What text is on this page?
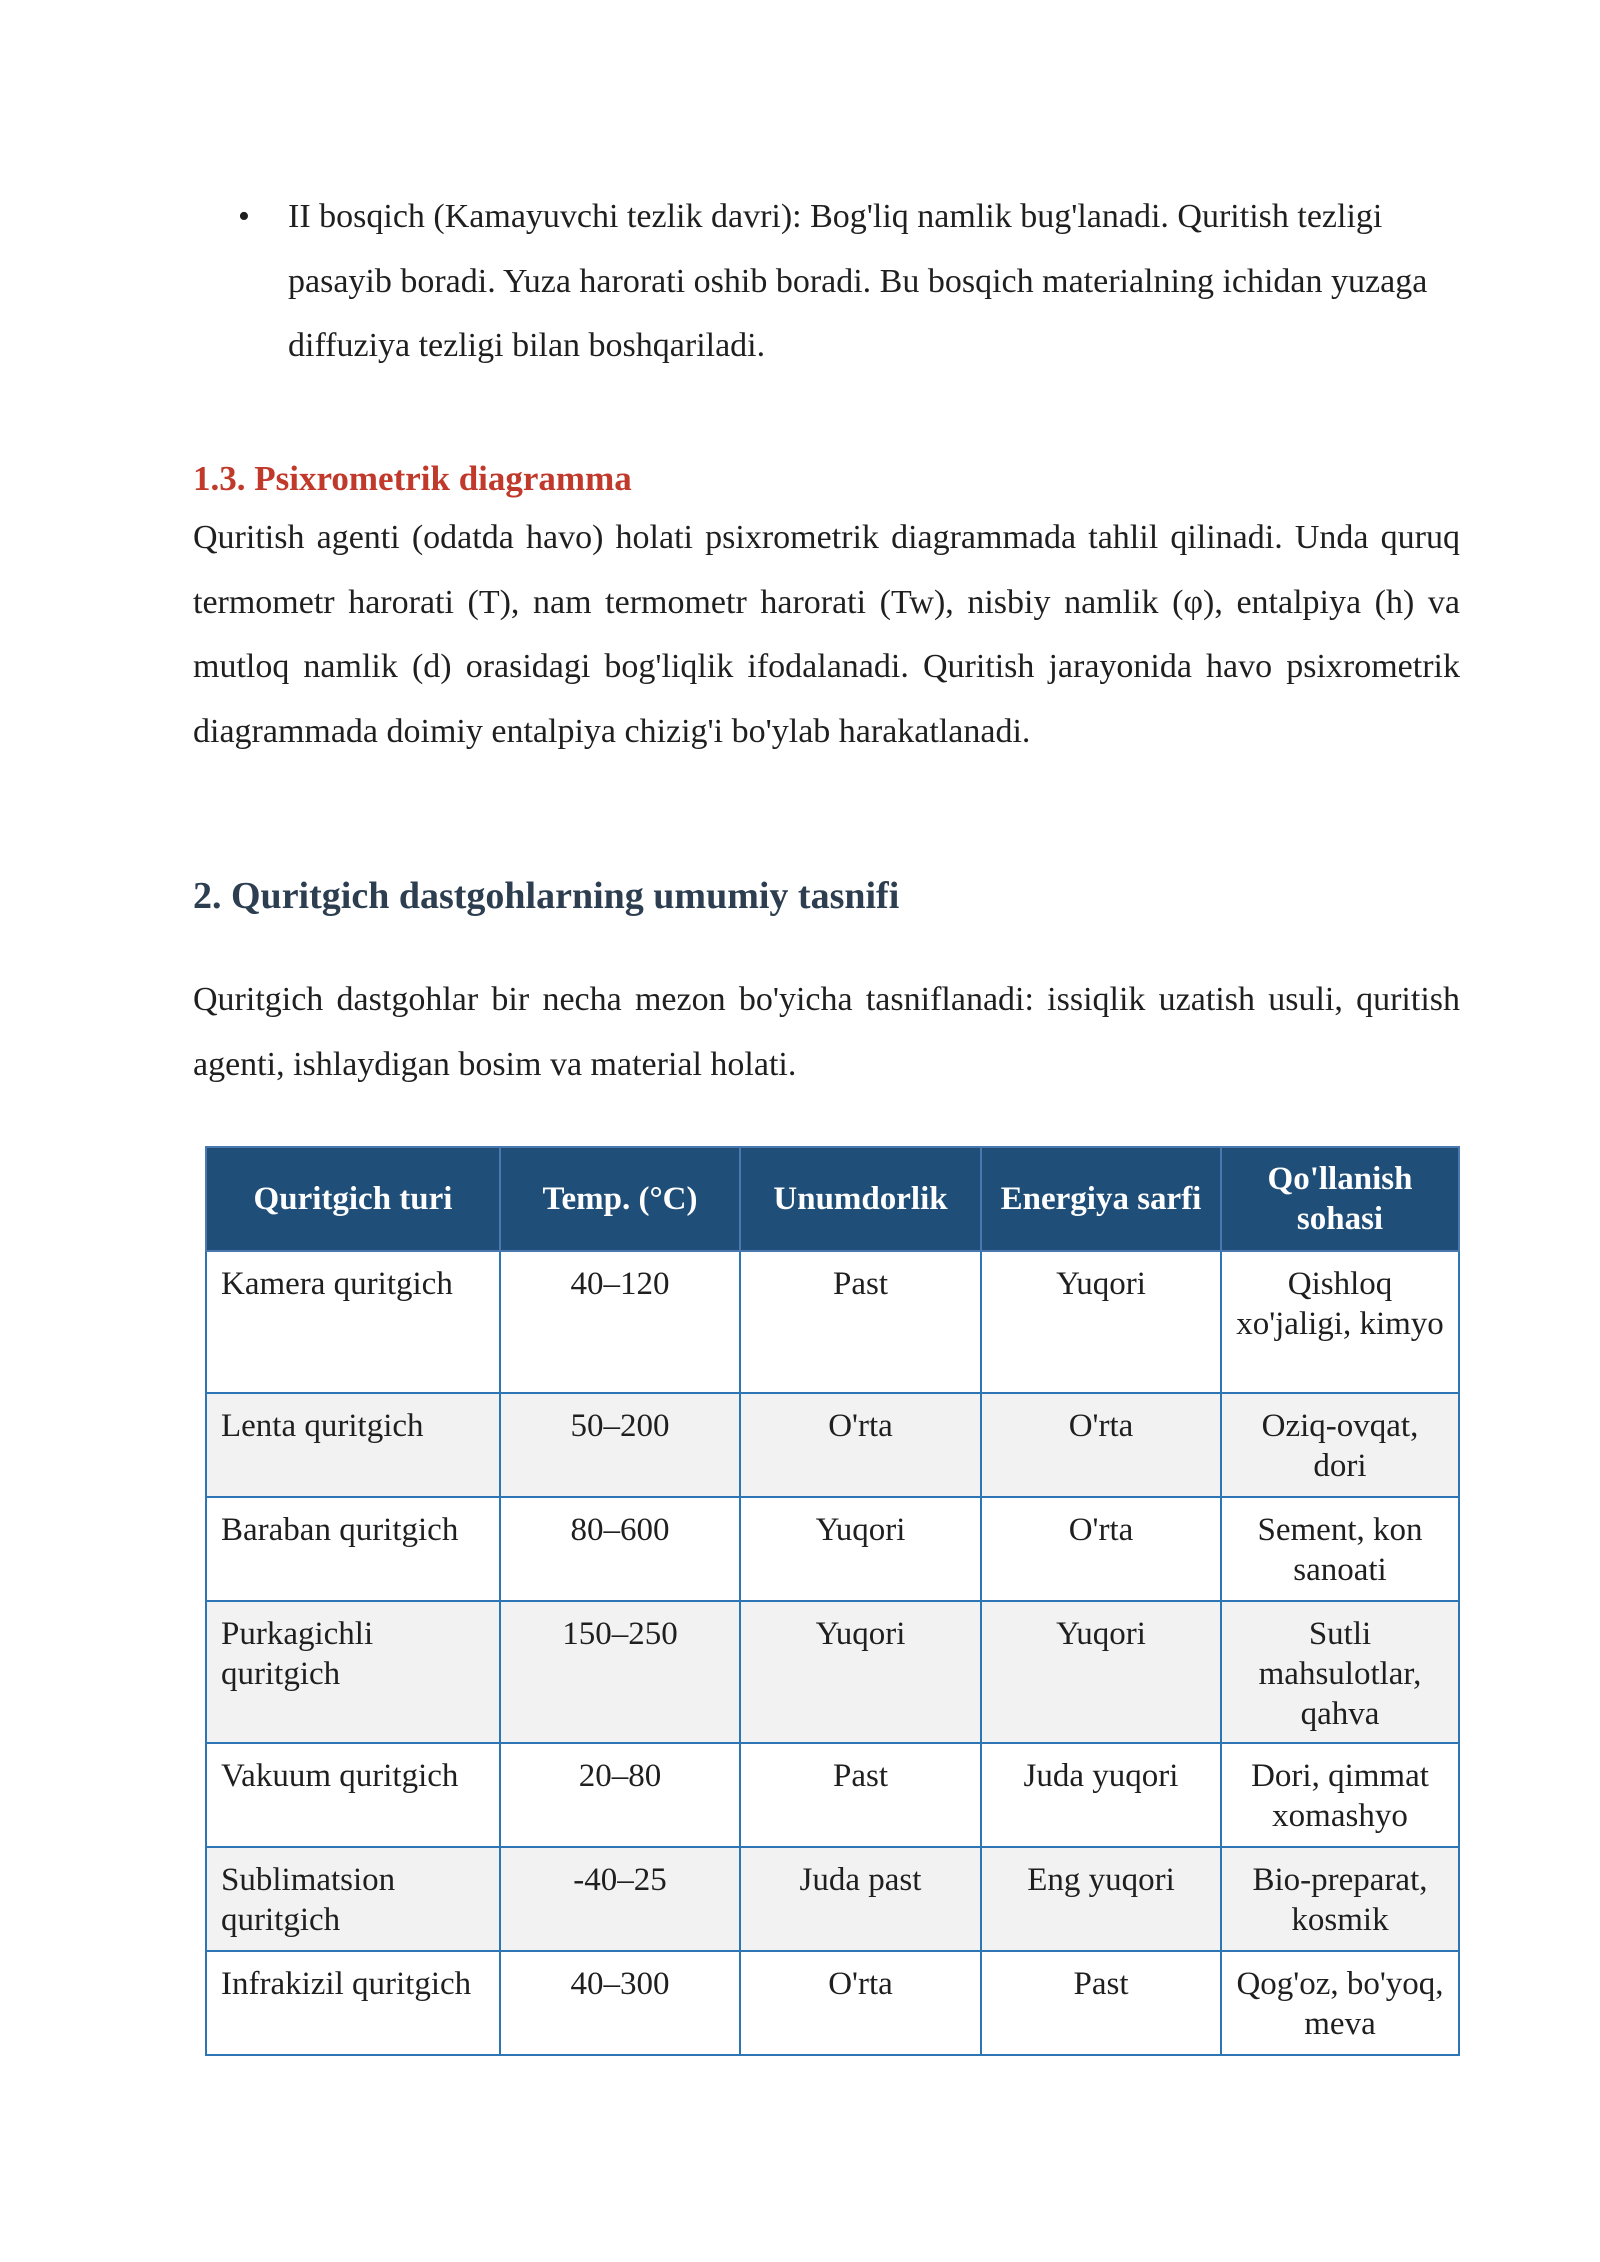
• II bosqich (Kamayuvchi tezlik davri): Bog'liq namlik bug'lanadi. Quritish tezligi pasayib boradi. Yuza harorati oshib boradi. Bu bosqich materialning ichidan yuzaga diffuziya tezligi bilan boshqariladi.
1.3. Psixrometrik diagramma
Quritish agenti (odatda havo) holati psixrometrik diagrammada tahlil qilinadi. Unda quruq termometr harorati (T), nam termometr harorati (Tw), nisbiy namlik (φ), entalpiya (h) va mutloq namlik (d) orasidagi bog'liqlik ifodalanadi. Quritish jarayonida havo psixrometrik diagrammada doimiy entalpiya chizig'i bo'ylab harakatlanadi.
2. Quritgich dastgohlarning umumiy tasnifi
Quritgich dastgohlar bir necha mezon bo'yicha tasniflanadi: issiqlik uzatish usuli, quritish agenti, ishlaydigan bosim va material holati.
Quritgich turi	Temp. (°C)	Unumdorlik	Energiya sarfi	Qo'llanish sohasi
Kamera quritgich	40–120	Past	Yuqori	Qishloq xo'jaligi, kimyo
Lenta quritgich	50–200	O'rta	O'rta	Oziq-ovqat, dori
Baraban quritgich	80–600	Yuqori	O'rta	Sement, kon sanoati
Purkagichli quritgich	150–250	Yuqori	Yuqori	Sutli mahsulotlar, qahva
Vakuum quritgich	20–80	Past	Juda yuqori	Dori, qimmat xomashyo
Sublimatsion quritgich	-40–25	Juda past	Eng yuqori	Bio-preparat, kosmik
Infrakizil quritgich	40–300	O'rta	Past	Qog'oz, bo'yoq, meva
